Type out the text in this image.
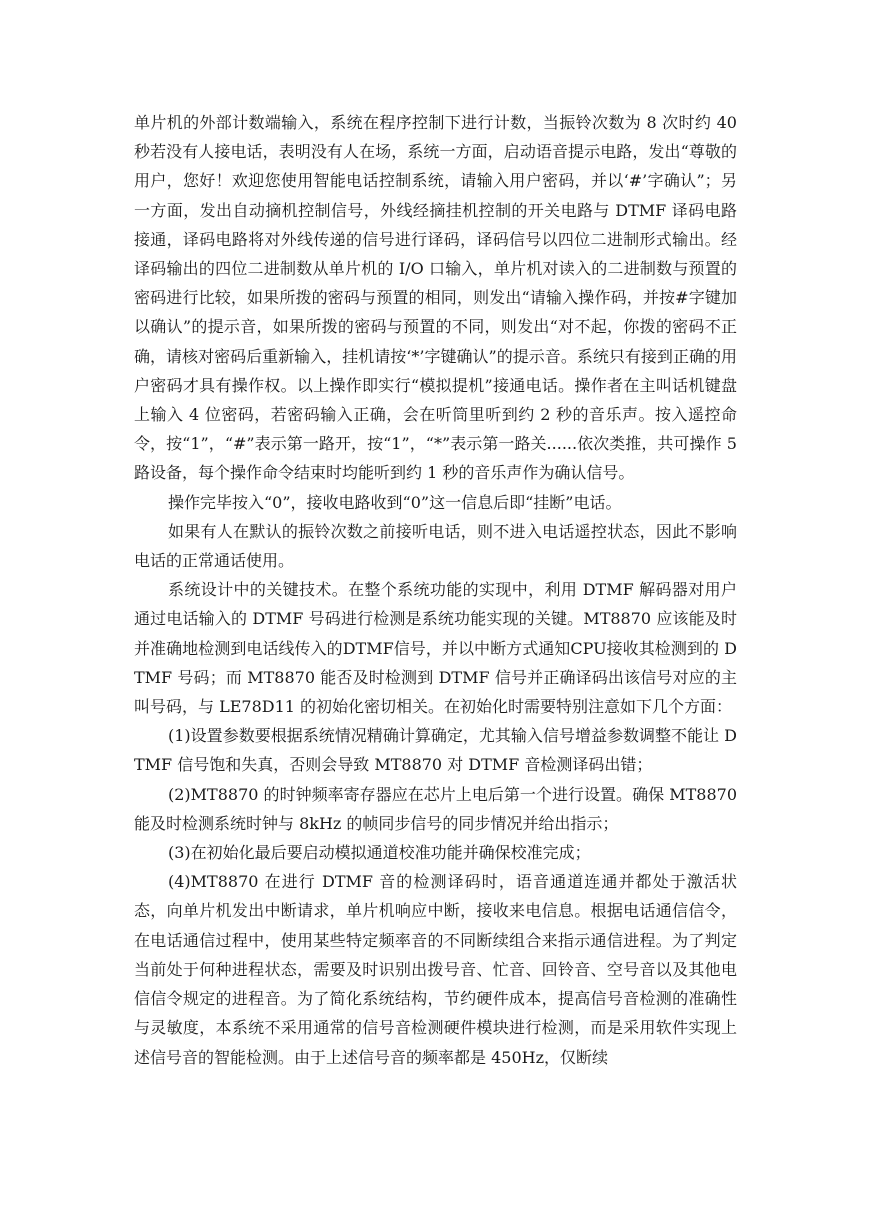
单片机的外部计数端输入，系统在程序控制下进行计数，当振铃次数为 8 次时约 40 秒若没有人接电话，表明没有人在场，系统一方面，启动语音提示电路，发出“尊敬的用户，您好！欢迎您使用智能电话控制系统，请输入用户密码，并以‘#’字确认”；另一方面，发出自动摘机控制信号，外线经摘挂机控制的开关电路与 DTMF 译码电路接通，译码电路将对外线传递的信号进行译码，译码信号以四位二进制形式输出。经译码输出的四位二进制数从单片机的 I/O 口输入，单片机对读入的二进制数与预置的密码进行比较，如果所拨的密码与预置的相同，则发出“请输入操作码，并按#字键加以确认”的提示音，如果所拨的密码与预置的不同，则发出“对不起，你拨的密码不正确，请核对密码后重新输入，挂机请按‘*’字键确认”的提示音。系统只有接到正确的用户密码才具有操作权。以上操作即实行“模拟提机”接通电话。操作者在主叫话机键盘上输入 4 位密码，若密码输入正确，会在听筒里听到约 2 秒的音乐声。按入遥控命令，按“1”，“#”表示第一路开，按“1”，“*”表示第一路关......依次类推，共可操作 5 路设备，每个操作命令结束时均能听到约 1 秒的音乐声作为确认信号。

操作完毕按入“0”，接收电路收到“0”这一信息后即“挂断”电话。

如果有人在默认的振铃次数之前接听电话，则不进入电话遥控状态，因此不影响电话的正常通话使用。

系统设计中的关键技术。在整个系统功能的实现中，利用 DTMF 解码器对用户通过电话输入的 DTMF 号码进行检测是系统功能实现的关键。MT8870 应该能及时并准确地检测到电话线传入的DTMF信号，并以中断方式通知CPU接收其检测到的 DTMF 号码；而 MT8870 能否及时检测到 DTMF 信号并正确译码出该信号对应的主叫号码，与 LE78D11 的初始化密切相关。在初始化时需要特别注意如下几个方面：

(1)设置参数要根据系统情况精确计算确定，尤其输入信号增益参数调整不能让 DTMF 信号饱和失真，否则会导致 MT8870 对 DTMF 音检测译码出错；

(2)MT8870 的时钟频率寄存器应在芯片上电后第一个进行设置。确保 MT8870 能及时检测系统时钟与 8kHz 的帧同步信号的同步情况并给出指示；

(3)在初始化最后要启动模拟通道校准功能并确保校准完成；

(4)MT8870 在进行 DTMF 音的检测译码时，语音通道连通并都处于激活状态，向单片机发出中断请求，单片机响应中断，接收来电信息。根据电话通信信令，在电话通信过程中，使用某些特定频率音的不同断续组合来指示通信进程。为了判定当前处于何种进程状态，需要及时识别出拨号音、忙音、回铃音、空号音以及其他电信信令规定的进程音。为了简化系统结构，节约硬件成本，提高信号音检测的准确性与灵敏度，本系统不采用通常的信号音检测硬件模块进行检测，而是采用软件实现上述信号音的智能检测。由于上述信号音的频率都是 450Hz，仅断续
